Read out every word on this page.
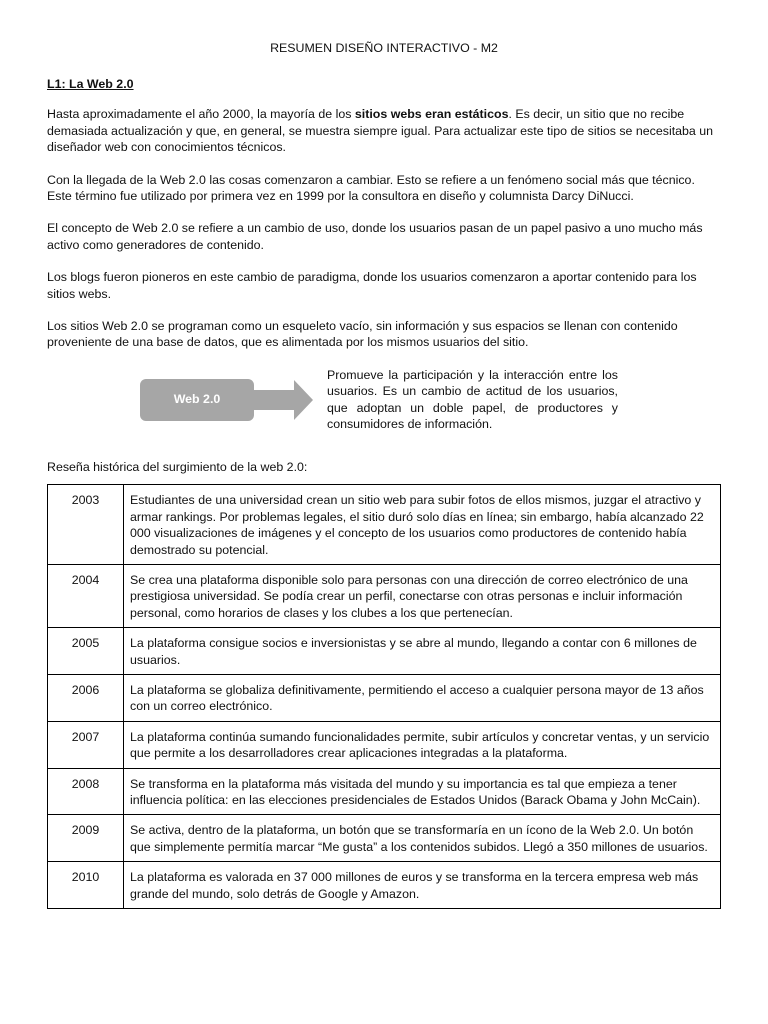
RESUMEN DISEÑO INTERACTIVO - M2
L1: La Web 2.0

Hasta aproximadamente el año 2000, la mayoría de los sitios webs eran estáticos. Es decir, un sitio que no recibe demasiada actualización y que, en general, se muestra siempre igual. Para actualizar este tipo de sitios se necesitaba un diseñador web con conocimientos técnicos.

Con la llegada de la Web 2.0 las cosas comenzaron a cambiar. Esto se refiere a un fenómeno social más que técnico. Este término fue utilizado por primera vez en 1999 por la consultora en diseño y columnista Darcy DiNucci.

El concepto de Web 2.0 se refiere a un cambio de uso, donde los usuarios pasan de un papel pasivo a uno mucho más activo como generadores de contenido.

Los blogs fueron pioneros en este cambio de paradigma, donde los usuarios comenzaron a aportar contenido para los sitios webs.

Los sitios Web 2.0 se programan como un esqueleto vacío, sin información y sus espacios se llenan con contenido proveniente de una base de datos, que es alimentada por los mismos usuarios del sitio.

Web 2.0
Promueve la participación y la interacción entre los usuarios. Es un cambio de actitud de los usuarios, que adoptan un doble papel, de productores y consumidores de información.
Reseña histórica del surgimiento de la web 2.0:
2003	Estudiantes de una universidad crean un sitio web para subir fotos de ellos mismos, juzgar el atractivo y armar rankings. Por problemas legales, el sitio duró solo días en línea; sin embargo, había alcanzado 22 000 visualizaciones de imágenes y el concepto de los usuarios como productores de contenido había demostrado su potencial.
2004	Se crea una plataforma disponible solo para personas con una dirección de correo electrónico de una prestigiosa universidad. Se podía crear un perfil, conectarse con otras personas e incluir información personal, como horarios de clases y los clubes a los que pertenecían.
2005	La plataforma consigue socios e inversionistas y se abre al mundo, llegando a contar con 6 millones de usuarios.
2006	La plataforma se globaliza definitivamente, permitiendo el acceso a cualquier persona mayor de 13 años con un correo electrónico.
2007	La plataforma continúa sumando funcionalidades permite, subir artículos y concretar ventas, y un servicio que permite a los desarrolladores crear aplicaciones integradas a la plataforma.
2008	Se transforma en la plataforma más visitada del mundo y su importancia es tal que empieza a tener influencia política: en las elecciones presidenciales de Estados Unidos (Barack Obama y John McCain).
2009	Se activa, dentro de la plataforma, un botón que se transformaría en un ícono de la Web 2.0. Un botón que simplemente permitía marcar “Me gusta” a los contenidos subidos. Llegó a 350 millones de usuarios.
2010	La plataforma es valorada en 37 000 millones de euros y se transforma en la tercera empresa web más grande del mundo, solo detrás de Google y Amazon.
